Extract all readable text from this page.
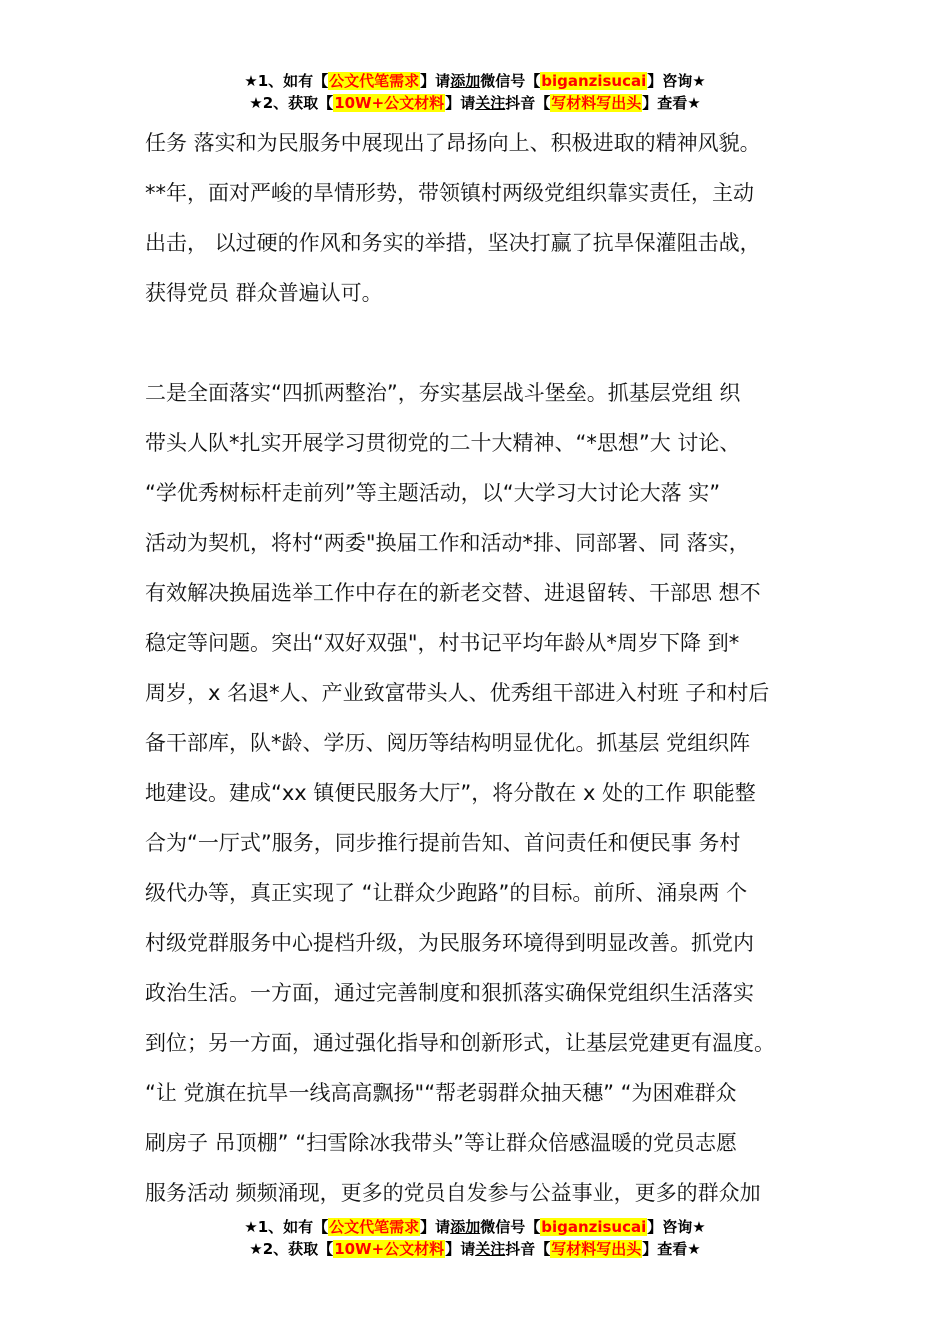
★1、如有【公文代笔需求】请添加微信号【biganzisucai】咨询★
★2、获取【10W+公文材料】请关注抖音【写材料写出头】查看★
任务 落实和为民服务中展现出了昂扬向上、积极进取的精神风貌。
**年，面对严峻的旱情形势，带领镇村两级党组织靠实责任，主动
出击， 以过硬的作风和务实的举措，坚决打赢了抗旱保灌阻击战，
获得党员 群众普遍认可。
二是全面落实“四抓两整治”，夯实基层战斗堡垒。抓基层党组 织
带头人队*扎实开展学习贯彻党的二十大精神、“*思想”大 讨论、
“学优秀树标杆走前列”等主题活动，以“大学习大讨论大落 实”
活动为契机，将村“两委"换届工作和活动*排、同部署、同 落实，
有效解决换届选举工作中存在的新老交替、进退留转、干部思 想不
稳定等问题。突出“双好双强"，村书记平均年龄从*周岁下降 到*
周岁，x 名退*人、产业致富带头人、优秀组干部进入村班 子和村后
备干部库，队*龄、学历、阅历等结构明显优化。抓基层 党组织阵
地建设。建成“xx 镇便民服务大厅”，将分散在 x 处的工作 职能整
合为“一厅式”服务，同步推行提前告知、首问责任和便民事 务村
级代办等，真正实现了 “让群众少跑路”的目标。前所、涌泉两 个
村级党群服务中心提档升级，为民服务环境得到明显改善。抓党内
政治生活。一方面，通过完善制度和狠抓落实确保党组织生活落实
到位；另一方面，通过强化指导和创新形式，让基层党建更有温度。
“让 党旗在抗旱一线高高飘扬"“帮老弱群众抽天穗” “为困难群众
刷房子 吊顶棚” “扫雪除冰我带头”等让群众倍感温暖的党员志愿
服务活动 频频涌现，更多的党员自发参与公益事业，更多的群众加
★1、如有【公文代笔需求】请添加微信号【biganzisucai】咨询★
★2、获取【10W+公文材料】请关注抖音【写材料写出头】查看★
